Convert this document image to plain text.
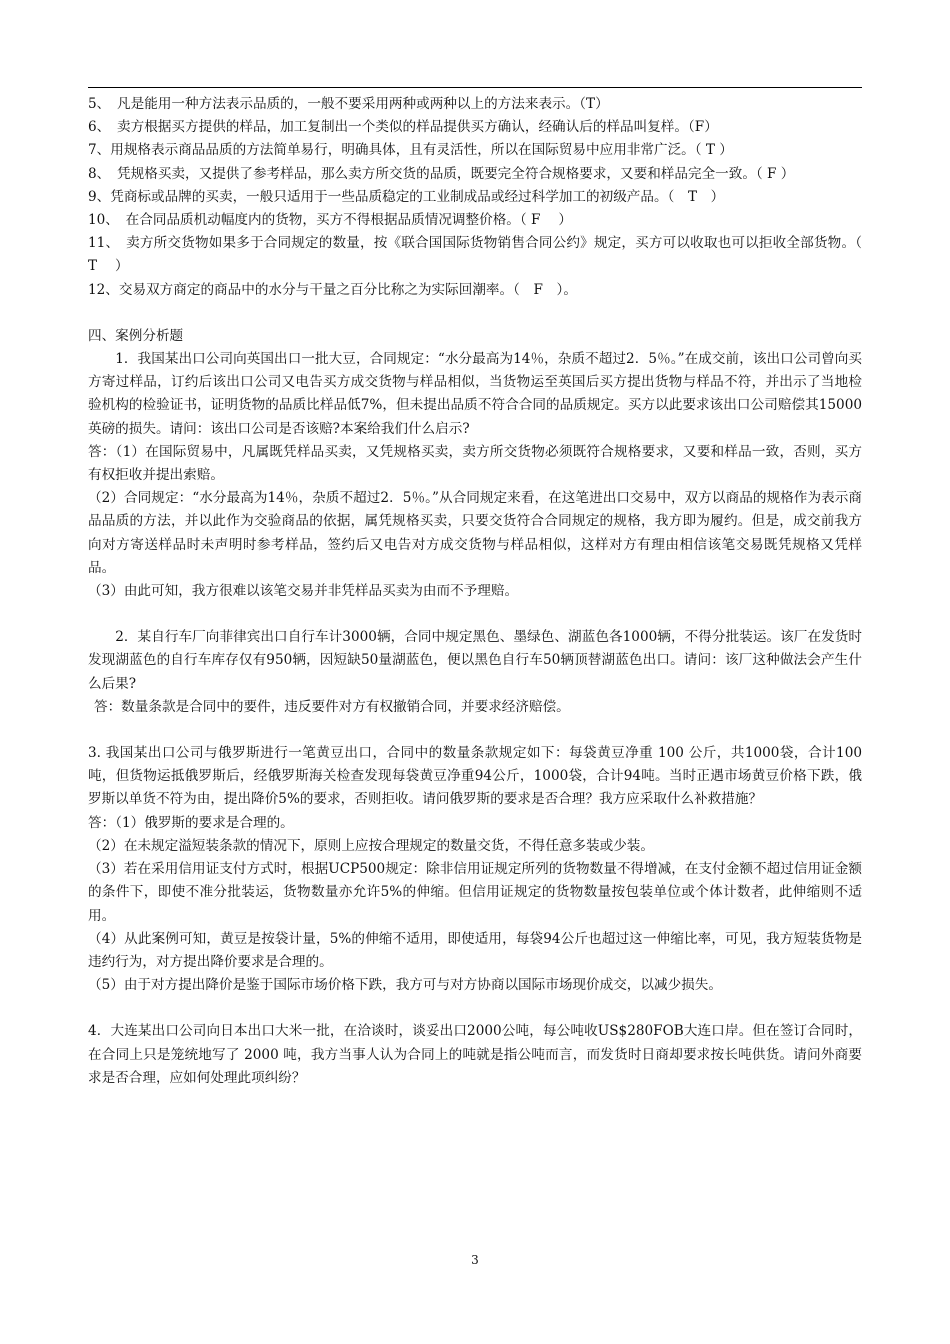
5、　凡是能用一种方法表示品质的，一般不要采用两种或两种以上的方法来表示。（T）

6、　卖方根据买方提供的样品，加工复制出一个类似的样品提供买方确认，经确认后的样品叫复样。（F）

7、用规格表示商品品质的方法简单易行，明确具体，且有灵活性，所以在国际贸易中应用非常广泛。（ T ）

8、　凭规格买卖，又提供了参考样品，那么卖方所交货的品质，既要完全符合规格要求，又要和样品完全一致。（ F ）

9、凭商标或品牌的买卖，一般只适用于一些品质稳定的工业制成品或经过科学加工的初级产品。（　T　）

10、　在合同品质机动幅度内的货物，买方不得根据品质情况调整价格。（ F　 ）

11、　卖方所交货物如果多于合同规定的数量，按《联合国国际货物销售合同公约》规定，买方可以收取也可以拒收全部货物。（ T　 ）

12、交易双方商定的商品中的水分与干量之百分比称之为实际回潮率。（　F　）。

四、案例分析题

1．我国某出口公司向英国出口一批大豆，合同规定：“水分最高为14％，杂质不超过2．5％。”在成交前，该出口公司曾向买方寄过样品，订约后该出口公司又电告买方成交货物与样品相似，当货物运至英国后买方提出货物与样品不符，并出示了当地检验机构的检验证书，证明货物的品质比样品低7%，但未提出品质不符合合同的品质规定。买方以此要求该出口公司赔偿其15000英磅的损失。请问：该出口公司是否该赔?本案给我们什么启示?

答：（1）在国际贸易中，凡属既凭样品买卖，又凭规格买卖，卖方所交货物必须既符合规格要求，又要和样品一致，否则，买方有权拒收并提出索赔。

（2）合同规定：“水分最高为14％，杂质不超过2．5％。”从合同规定来看，在这笔进出口交易中，双方以商品的规格作为表示商品品质的方法，并以此作为交验商品的依据，属凭规格买卖，只要交货符合合同规定的规格，我方即为履约。但是，成交前我方向对方寄送样品时未声明时参考样品，签约后又电告对方成交货物与样品相似，这样对方有理由相信该笔交易既凭规格又凭样品。

（3）由此可知，我方很难以该笔交易并非凭样品买卖为由而不予理赔。

2．某自行车厂向菲律宾出口自行车计3000辆，合同中规定黑色、墨绿色、湖蓝色各1000辆，不得分批装运。该厂在发货时发现湖蓝色的自行车库存仅有950辆，因短缺50量湖蓝色，便以黑色自行车50辆顶替湖蓝色出口。请问：该厂这种做法会产生什么后果?

答：数量条款是合同中的要件，违反要件对方有权撤销合同，并要求经济赔偿。

3. 我国某出口公司与俄罗斯进行一笔黄豆出口，合同中的数量条款规定如下：每袋黄豆净重 100 公斤，共1000袋，合计100吨，但货物运抵俄罗斯后，经俄罗斯海关检查发现每袋黄豆净重94公斤，1000袋，合计94吨。当时正遇市场黄豆价格下跌，俄罗斯以单货不符为由，提出降价5%的要求，否则拒收。请问俄罗斯的要求是否合理？我方应采取什么补救措施？

答：（1）俄罗斯的要求是合理的。

（2）在未规定溢短装条款的情况下，原则上应按合理规定的数量交货，不得任意多装或少装。

（3）若在采用信用证支付方式时，根据UCP500规定：除非信用证规定所列的货物数量不得增减，在支付金额不超过信用证金额的条件下，即使不准分批装运，货物数量亦允许5%的伸缩。但信用证规定的货物数量按包装单位或个体计数者，此伸缩则不适用。

（4）从此案例可知，黄豆是按袋计量，5%的伸缩不适用，即使适用，每袋94公斤也超过这一伸缩比率，可见，我方短装货物是违约行为，对方提出降价要求是合理的。

（5）由于对方提出降价是鉴于国际市场价格下跌，我方可与对方协商以国际市场现价成交，以减少损失。

4．大连某出口公司向日本出口大米一批，在洽谈时，谈妥出口2000公吨，每公吨收US$280FOB大连口岸。但在签订合同时，在合同上只是笼统地写了 2000 吨，我方当事人认为合同上的吨就是指公吨而言，而发货时日商却要求按长吨供货。请问外商要求是否合理，应如何处理此项纠纷？

3
